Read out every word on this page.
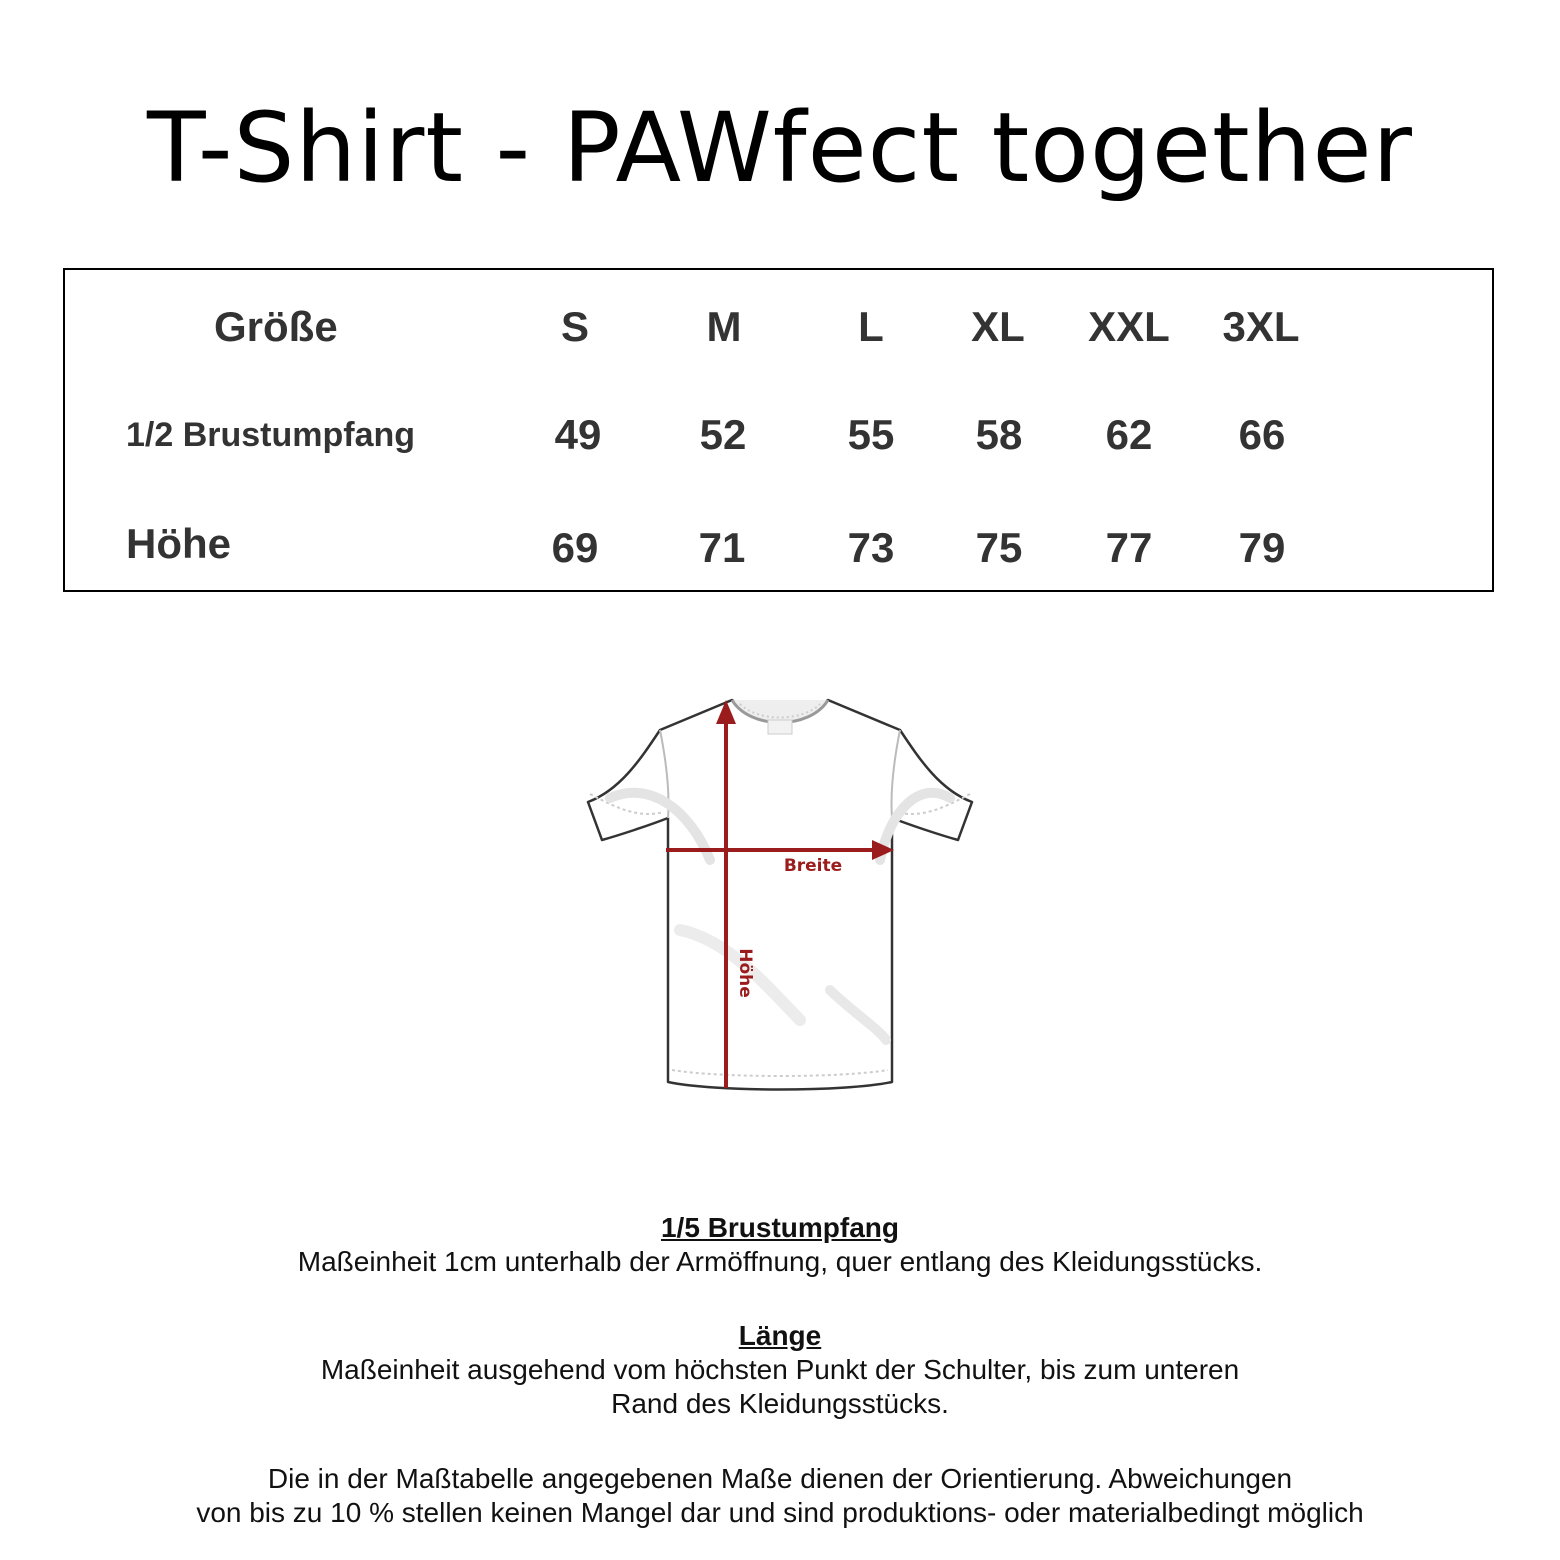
T-Shirt - PAWfect together
Größe	S	M	L XL XXL 3XL
1/2 Brustumpfang	49 52 55 58 62 66
Höhe	69 71 73 75 77 79
Breite
Höhe
1/5 Brustumpfang
Maßeinheit 1cm unterhalb der Armöffnung, quer entlang des Kleidungsstücks.
Länge
Maßeinheit ausgehend vom höchsten Punkt der Schulter, bis zum unteren
Rand des Kleidungsstücks.
Die in der Maßtabelle angegebenen Maße dienen der Orientierung. Abweichungen
von bis zu 10 % stellen keinen Mangel dar und sind produktions- oder materialbedingt möglich
